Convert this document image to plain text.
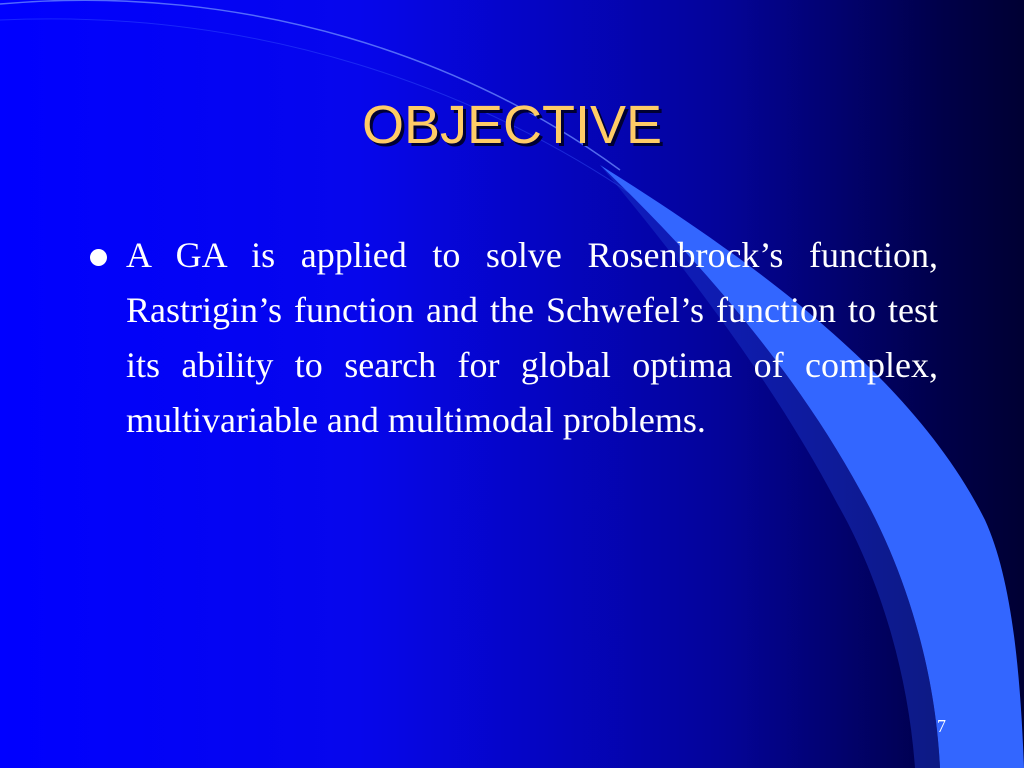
OBJECTIVE
A GA is applied to solve Rosenbrock’s function, Rastrigin’s function and the Schwefel’s function to test its ability to search for global optima of complex, multivariable and multimodal problems.
7
